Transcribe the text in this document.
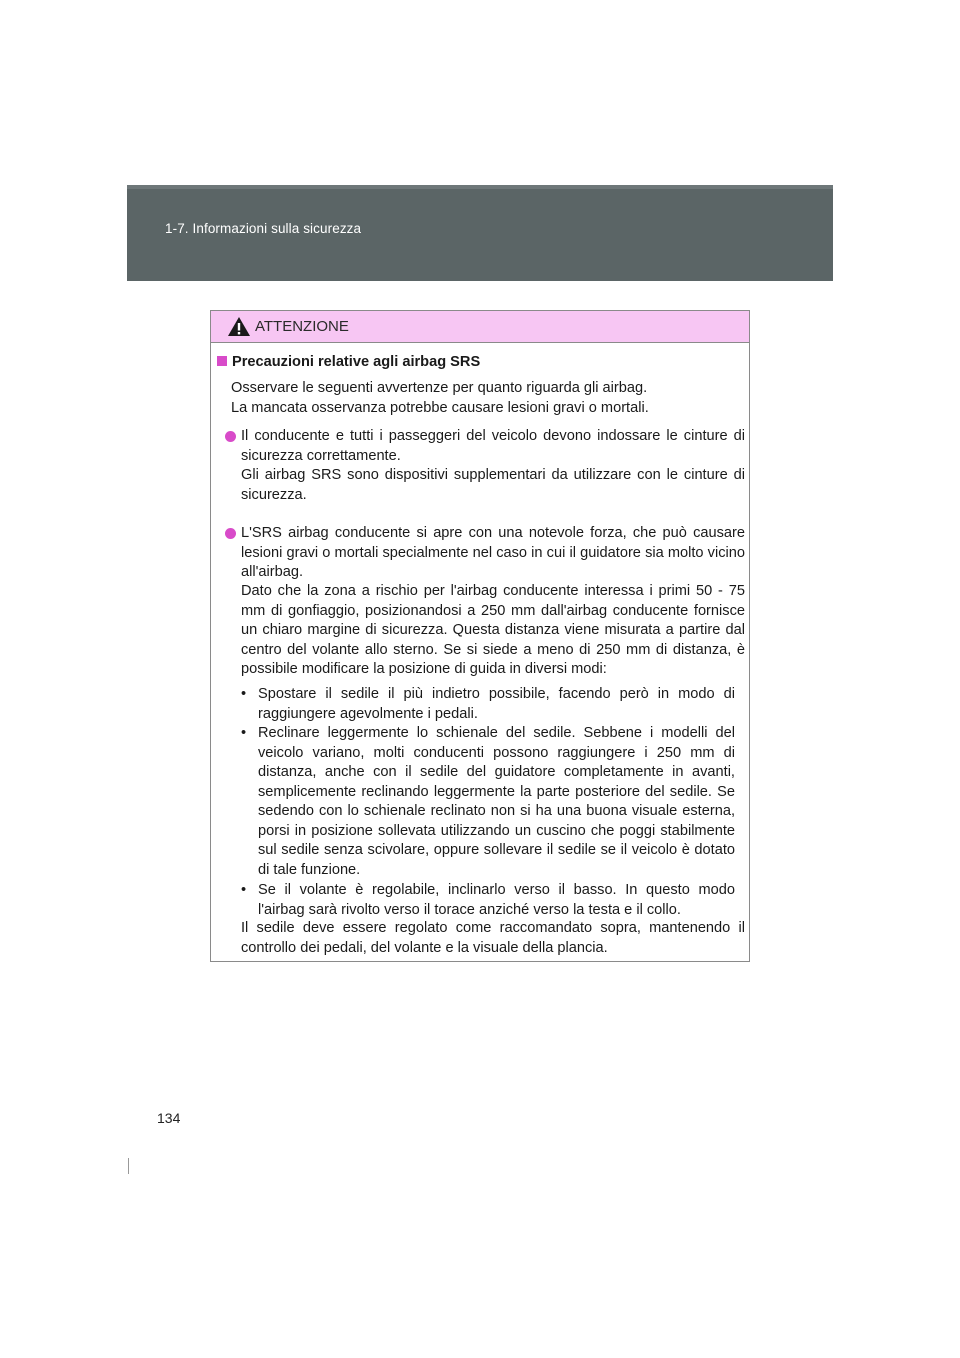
1-7. Informazioni sulla sicurezza
ATTENZIONE
Precauzioni relative agli airbag SRS
Osservare le seguenti avvertenze per quanto riguarda gli airbag.
La mancata osservanza potrebbe causare lesioni gravi o mortali.
Il conducente e tutti i passeggeri del veicolo devono indossare le cinture di sicurezza correttamente.
Gli airbag SRS sono dispositivi supplementari da utilizzare con le cinture di sicurezza.
L'SRS airbag conducente si apre con una notevole forza, che può causare lesioni gravi o mortali specialmente nel caso in cui il guidatore sia molto vicino all'airbag.
Dato che la zona a rischio per l'airbag conducente interessa i primi 50 - 75 mm di gonfiaggio, posizionandosi a 250 mm dall'airbag conducente fornisce un chiaro margine di sicurezza. Questa distanza viene misurata a partire dal centro del volante allo sterno. Se si siede a meno di 250 mm di distanza, è possibile modificare la posizione di guida in diversi modi:
• Spostare il sedile il più indietro possibile, facendo però in modo di raggiungere agevolmente i pedali.
• Reclinare leggermente lo schienale del sedile. Sebbene i modelli del veicolo variano, molti conducenti possono raggiungere i 250 mm di distanza, anche con il sedile del guidatore completamente in avanti, semplicemente reclinando leggermente la parte posteriore del sedile. Se sedendo con lo schienale reclinato non si ha una buona visuale esterna, porsi in posizione sollevata utilizzando un cuscino che poggi stabilmente sul sedile senza scivolare, oppure sollevare il sedile se il veicolo è dotato di tale funzione.
• Se il volante è regolabile, inclinarlo verso il basso. In questo modo l'airbag sarà rivolto verso il torace anziché verso la testa e il collo.
Il sedile deve essere regolato come raccomandato sopra, mantenendo il controllo dei pedali, del volante e la visuale della plancia.
134
